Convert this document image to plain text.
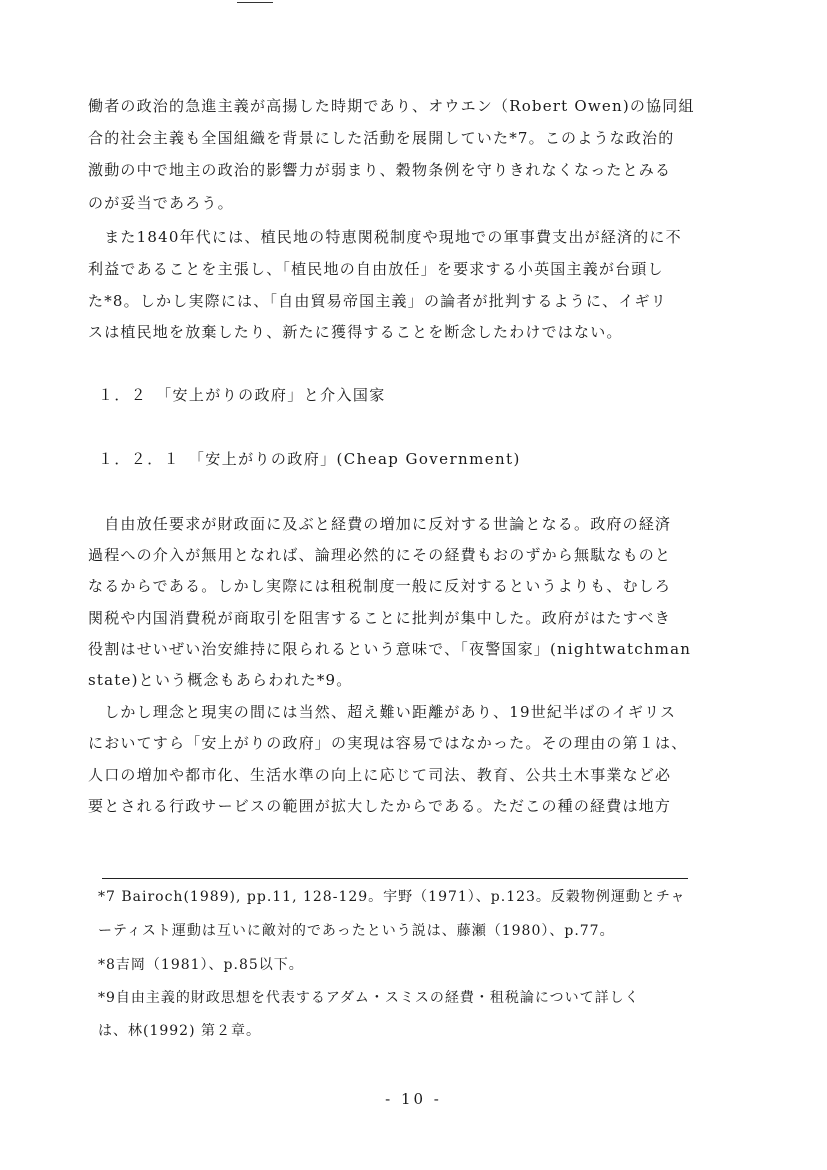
働者の政治的急進主義が高揚した時期であり、オウエン（Robert Owen)の協同組
合的社会主義も全国組織を背景にした活動を展開していた*7。このような政治的
激動の中で地主の政治的影響力が弱まり、穀物条例を守りきれなくなったとみる
のが妥当であろう。
　また1840年代には、植民地の特恵関税制度や現地での軍事費支出が経済的に不
利益であることを主張し、「植民地の自由放任」を要求する小英国主義が台頭し
た*8。しかし実際には、「自由貿易帝国主義」の論者が批判するように、イギリ
スは植民地を放棄したり、新たに獲得することを断念したわけではない。
１．２　「安上がりの政府」と介入国家
１．２．１　「安上がりの政府」(Cheap Government)
　自由放任要求が財政面に及ぶと経費の増加に反対する世論となる。政府の経済
過程への介入が無用となれば、論理必然的にその経費もおのずから無駄なものと
なるからである。しかし実際には租税制度一般に反対するというよりも、むしろ
関税や内国消費税が商取引を阻害することに批判が集中した。政府がはたすべき
役割はせいぜい治安維持に限られるという意味で、「夜警国家」(nightwatchman
state)という概念もあらわれた*9。
　しかし理念と現実の間には当然、超え難い距離があり、19世紀半ばのイギリス
においてすら「安上がりの政府」の実現は容易ではなかった。その理由の第１は、
人口の増加や都市化、生活水準の向上に応じて司法、教育、公共土木事業など必
要とされる行政サービスの範囲が拡大したからである。ただこの種の経費は地方
*7 Bairoch(1989), pp.11, 128-129。宇野（1971）、p.123。反穀物例運動とチャ
ーティスト運動は互いに敵対的であったという説は、藤瀬（1980）、p.77。
*8吉岡（1981）、p.85以下。
*9自由主義的財政思想を代表するアダム・スミスの経費・租税論について詳しく
は、林(1992) 第２章。
- 10 -
